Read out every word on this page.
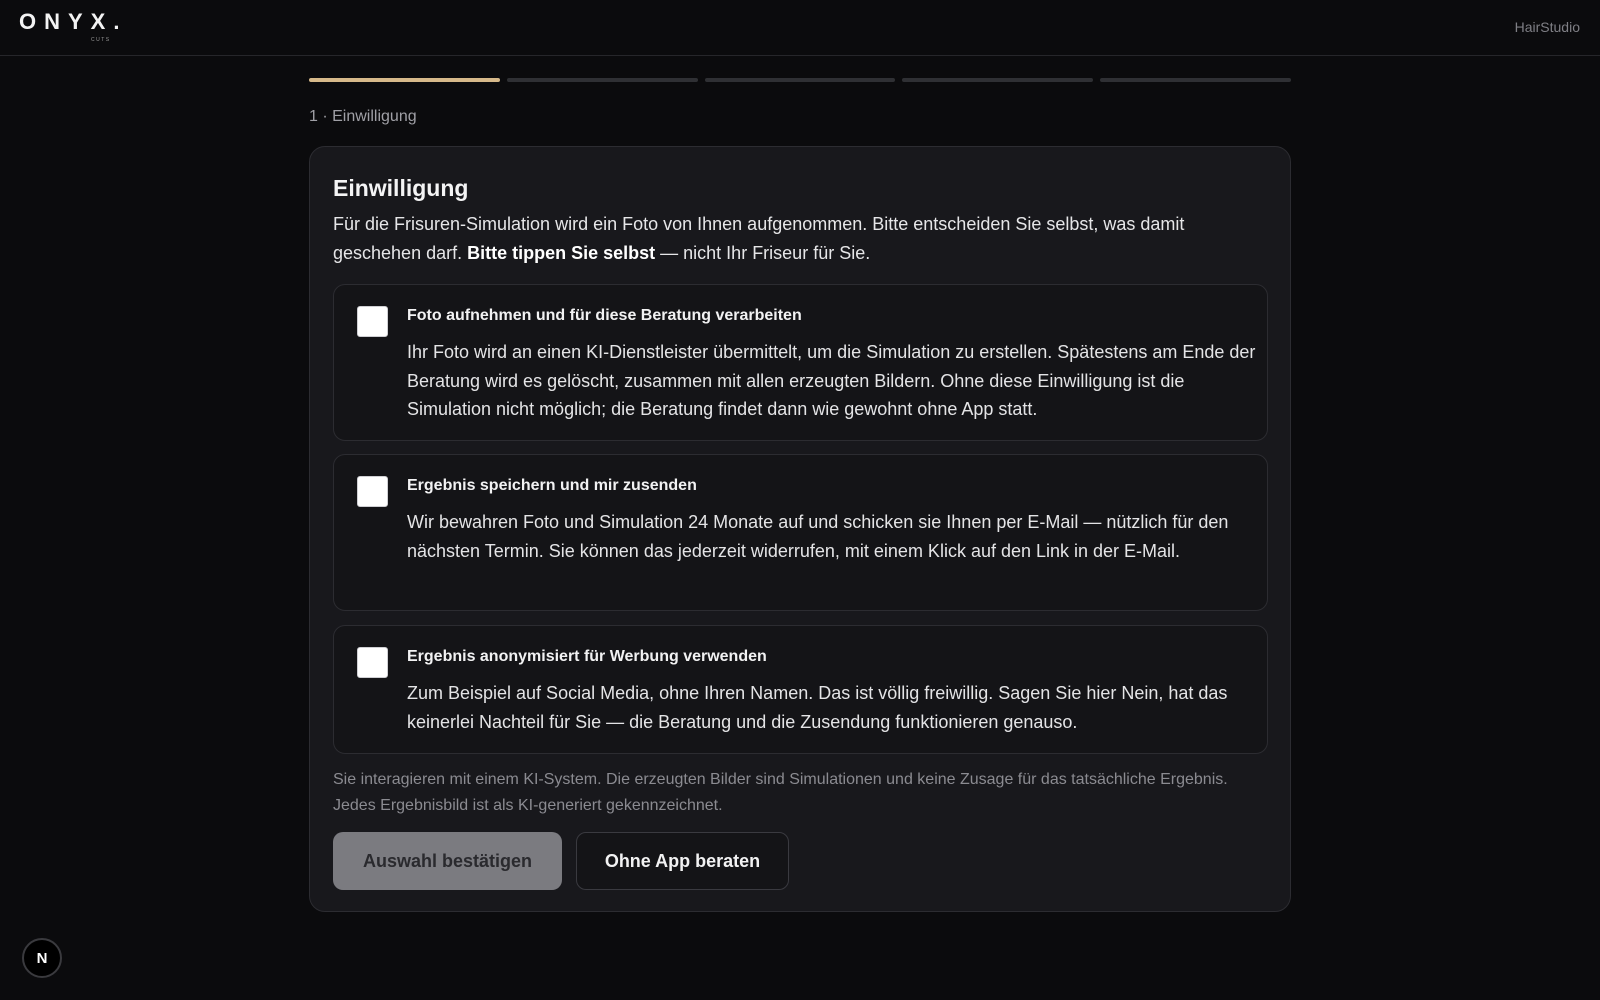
ONYX.
CUTS
HairStudio
1 · Einwilligung
Einwilligung

Für die Frisuren-Simulation wird ein Foto von Ihnen aufgenommen. Bitte entscheiden Sie selbst, was damit geschehen darf. Bitte tippen Sie selbst — nicht Ihr Friseur für Sie.

Foto aufnehmen und für diese Beratung verarbeiten
Ihr Foto wird an einen KI-Dienstleister übermittelt, um die Simulation zu erstellen. Spätestens am Ende der Beratung wird es gelöscht, zusammen mit allen erzeugten Bildern. Ohne diese Einwilligung ist die Simulation nicht möglich; die Beratung findet dann wie gewohnt ohne App statt.
Ergebnis speichern und mir zusenden
Wir bewahren Foto und Simulation 24 Monate auf und schicken sie Ihnen per E-Mail — nützlich für den nächsten Termin. Sie können das jederzeit widerrufen, mit einem Klick auf den Link in der E-Mail.
Ergebnis anonymisiert für Werbung verwenden
Zum Beispiel auf Social Media, ohne Ihren Namen. Das ist völlig freiwillig. Sagen Sie hier Nein, hat das keinerlei Nachteil für Sie — die Beratung und die Zusendung funktionieren genauso.

Sie interagieren mit einem KI-System. Die erzeugten Bilder sind Simulationen und keine Zusage für das tatsächliche Ergebnis. Jedes Ergebnisbild ist als KI-generiert gekennzeichnet.

Auswahl bestätigen	Ohne App beraten
N
